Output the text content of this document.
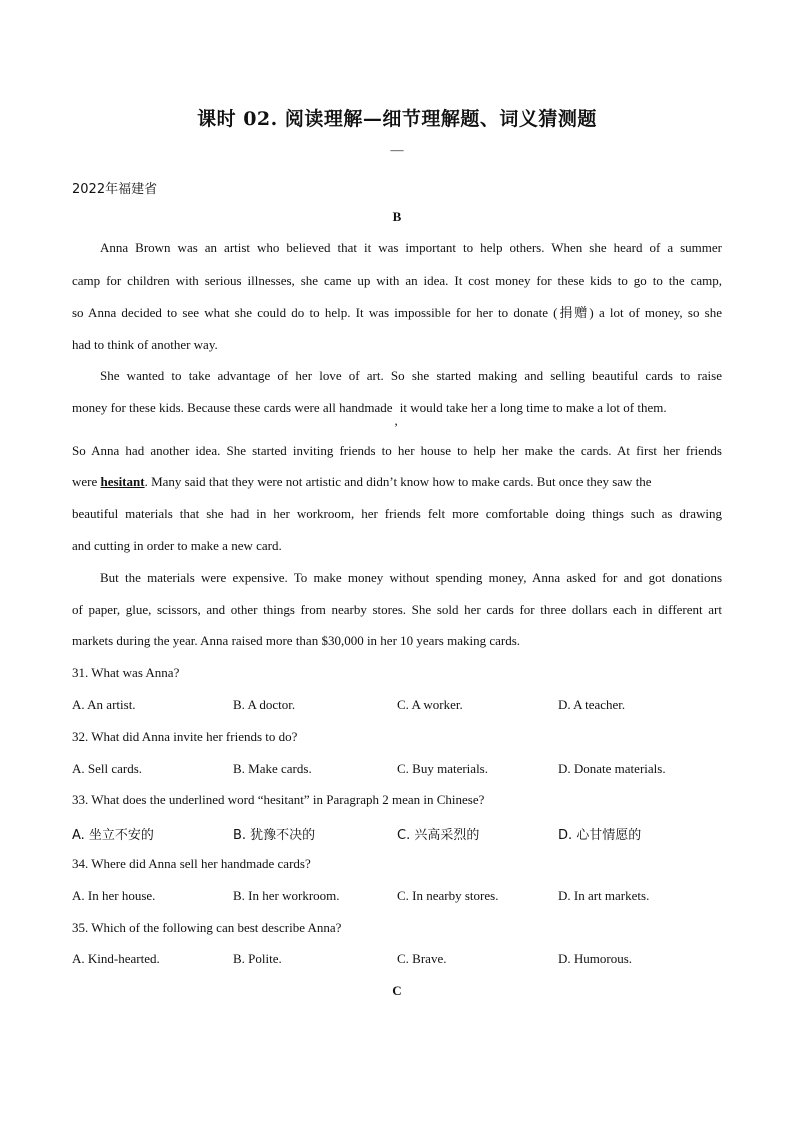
课时 02. 阅读理解—细节理解题、词义猜测题
—
2022年福建省
B
Anna Brown was an artist who believed that it was important to help others. When she heard of a summer
camp for children with serious illnesses, she came up with an idea. It cost money for these kids to go to the camp,
so Anna decided to see what she could do to help. It was impossible for her to donate (捐赠) a lot of money, so she
had to think of another way.
She wanted to take advantage of her love of art. So she started making and selling beautiful cards to raise
money for these kids. Because these cards were all handmade,it would take her a long time to make a lot of them.
So Anna had another idea. She started inviting friends to her house to help her make the cards. At first her friends
were hesitant. Many said that they were not artistic and didn’t know how to make cards. But once they saw the
beautiful materials that she had in her workroom, her friends felt more comfortable doing things such as drawing
and cutting in order to make a new card.
But the materials were expensive. To make money without spending money, Anna asked for and got donations
of paper, glue, scissors, and other things from nearby stores. She sold her cards for three dollars each in different art
markets during the year. Anna raised more than $30,000 in her 10 years making cards.
31. What was Anna?
A. An artist.	B. A doctor.	C. A worker.	D. A teacher.
32. What did Anna invite her friends to do?
A. Sell cards.	B. Make cards.	C. Buy materials.	D. Donate materials.
33. What does the underlined word “hesitant” in Paragraph 2 mean in Chinese?
A. 坐立不安的	B. 犹豫不决的	C. 兴高采烈的	D. 心甘情愿的
34. Where did Anna sell her handmade cards?
A. In her house.	B. In her workroom.	C. In nearby stores.	D. In art markets.
35. Which of the following can best describe Anna?
A. Kind-hearted.	B. Polite.	C. Brave.	D. Humorous.
C
